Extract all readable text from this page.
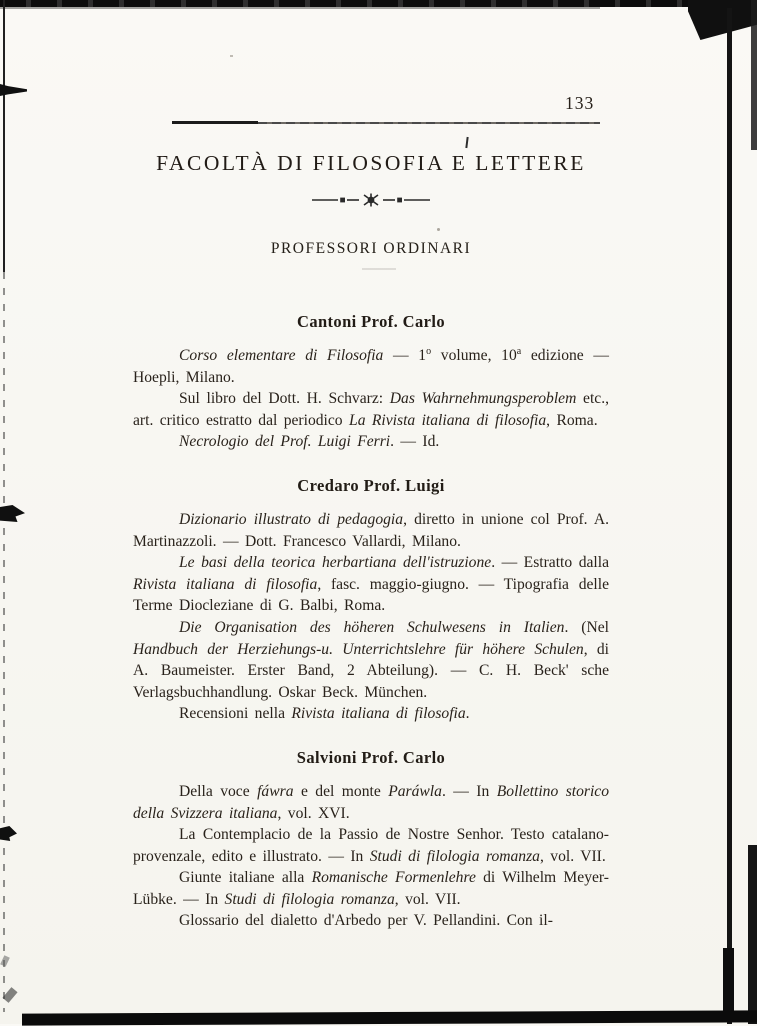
133
FACOLTÀ DI FILOSOFIA E LETTERE
PROFESSORI ORDINARI
Cantoni Prof. Carlo

Corso elementare di Filosofia — 1$^o$ volume, 10$^a$ edizione — Hoepli, Milano.

Sul libro del Dott. H. Schvarz: Das Wahrnehmungsperoblem etc., art. critico estratto dal periodico La Rivista italiana di filosofia, Roma.

Necrologio del Prof. Luigi Ferri. — Id.

Credaro Prof. Luigi

Dizionario illustrato di pedagogia, diretto in unione col Prof. A. Martinazzoli. — Dott. Francesco Vallardi, Milano.

Le basi della teorica herbartiana dell'istruzione. — Estratto dalla Rivista italiana di filosofia, fasc. maggio-giugno. — Tipografia delle Terme Diocleziane di G. Balbi, Roma.

Die Organisation des höheren Schulwesens in Italien. (Nel Handbuch der Herziehungs-u. Unterrichtslehre für höhere Schulen, di A. Baumeister. Erster Band, 2 Abteilung). — C. H. Beck' sche Verlagsbuchhandlung. Oskar Beck. München.

Recensioni nella Rivista italiana di filosofia.

Salvioni Prof. Carlo

Della voce fáwra e del monte Paráwla. — In Bollettino storico della Svizzera italiana, vol. XVI.

La Contemplacio de la Passio de Nostre Senhor. Testo catalano-provenzale, edito e illustrato. — In Studi di filologia romanza, vol. VII.

Giunte italiane alla Romanische Formenlehre di Wilhelm Meyer-Lübke. — In Studi di filologia romanza, vol. VII.

Glossario del dialetto d'Arbedo per V. Pellandini. Con il-
